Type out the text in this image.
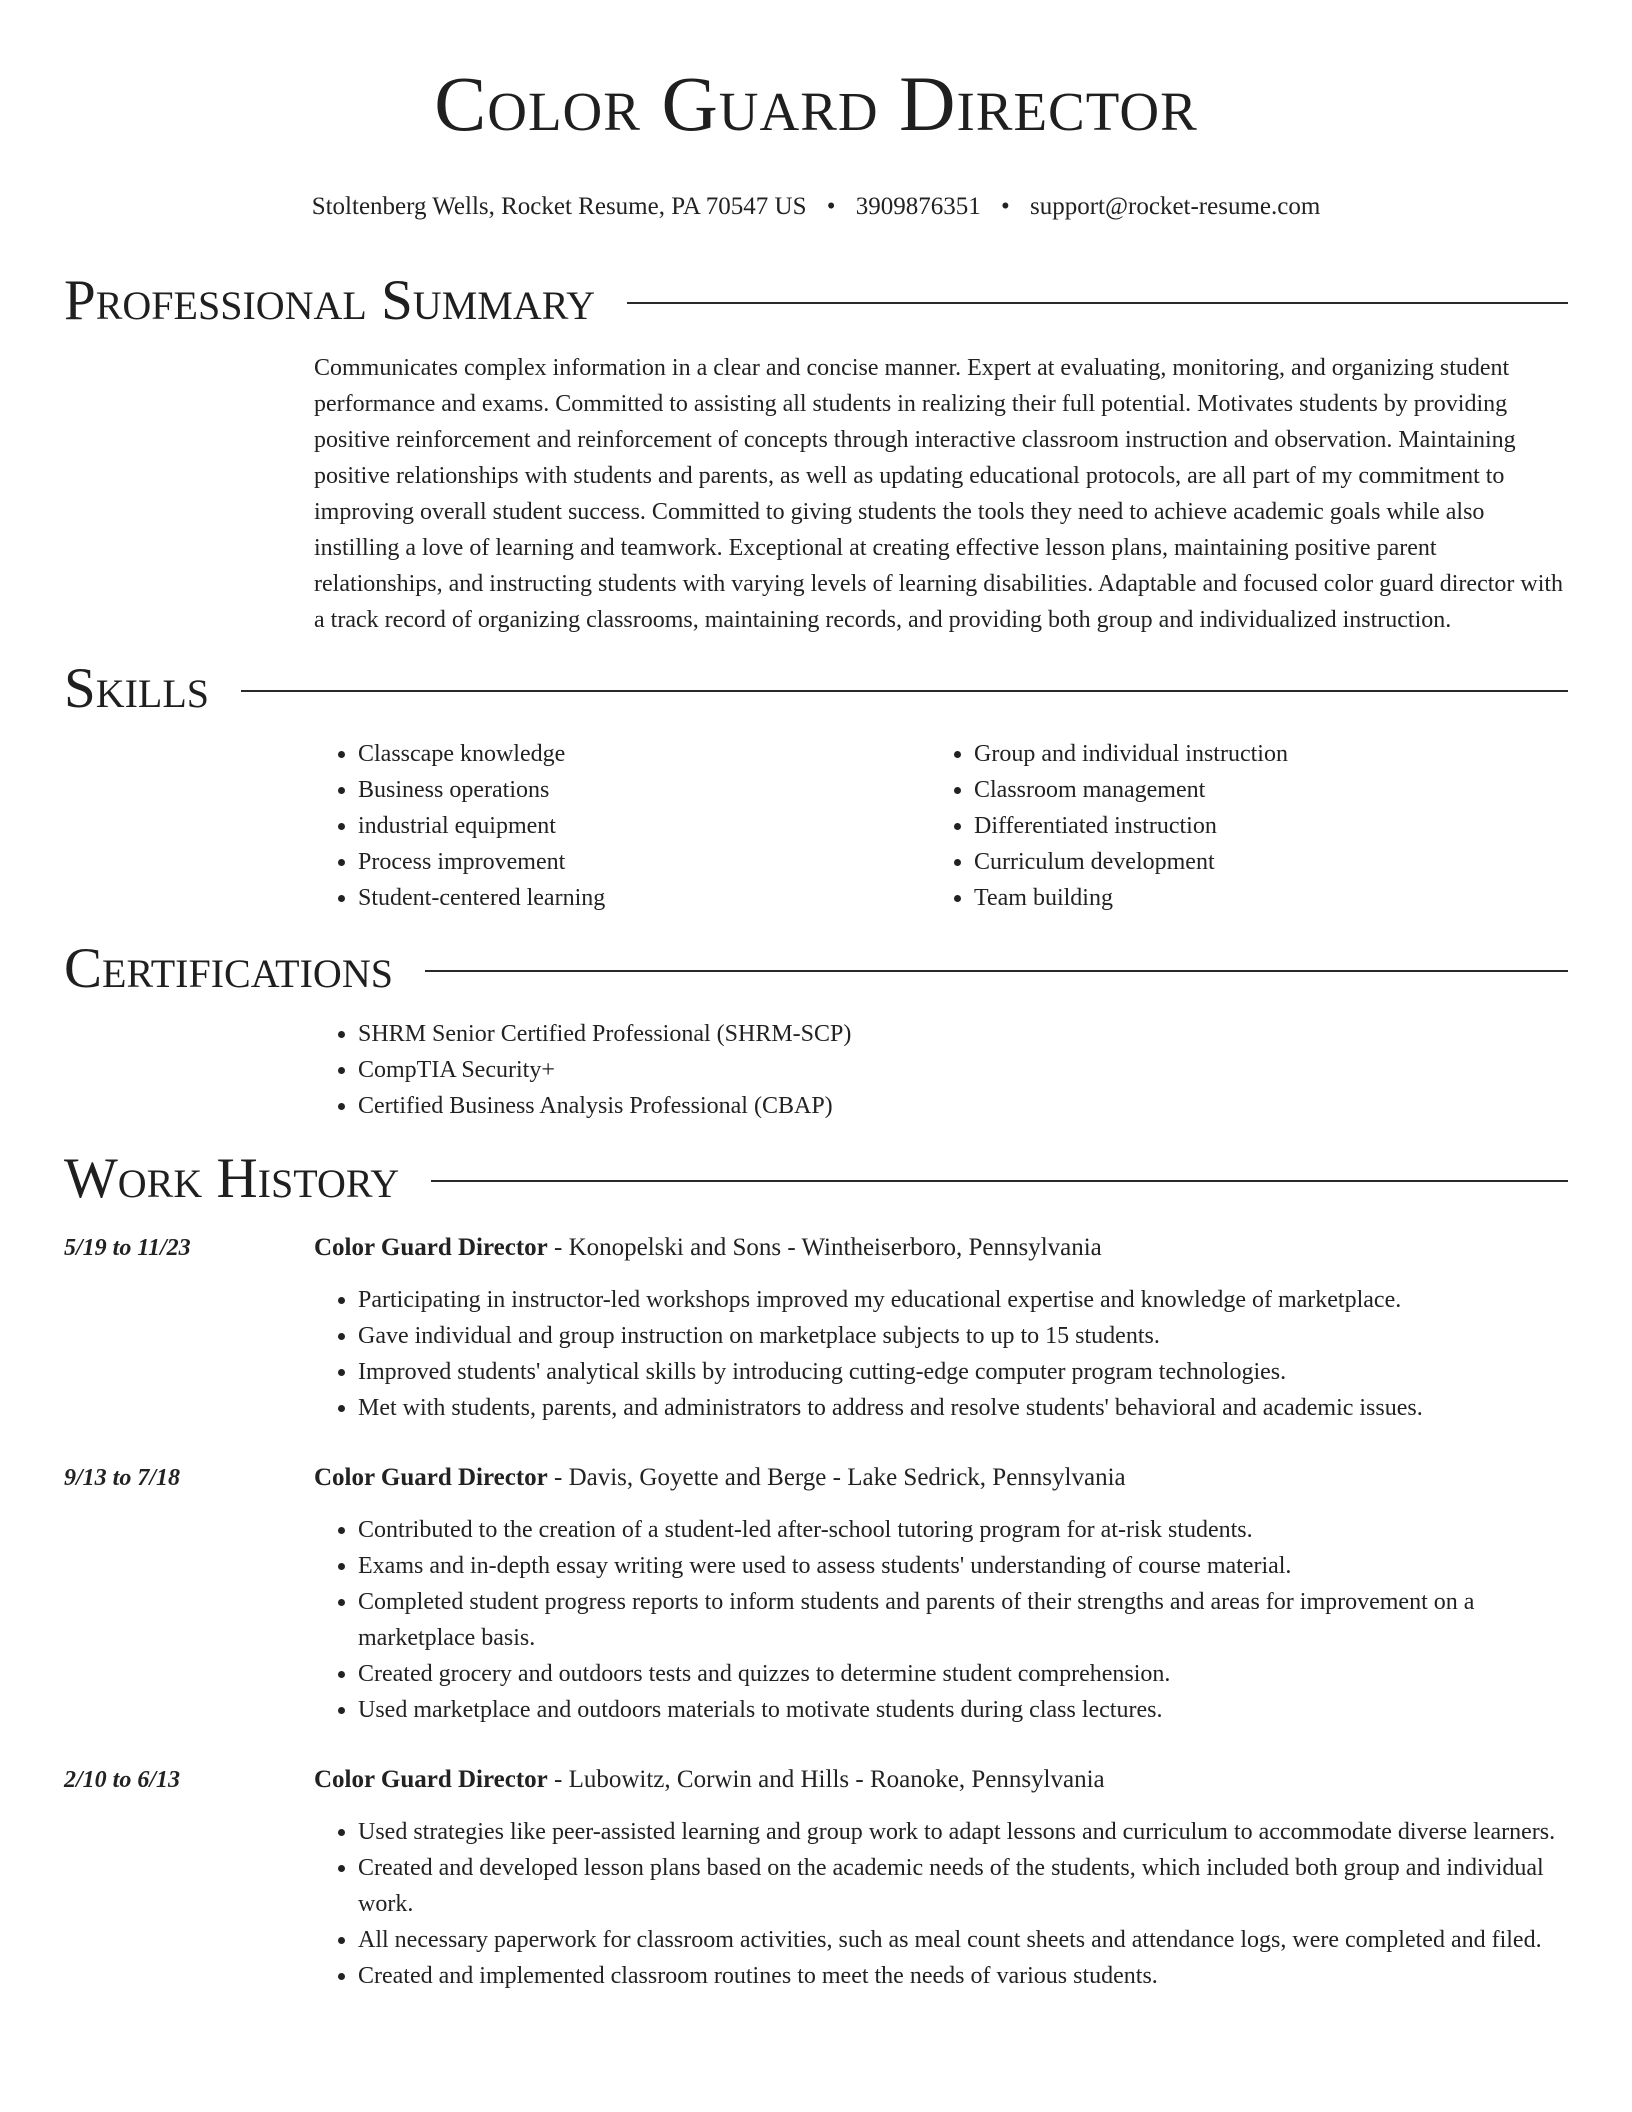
Color Guard Director
Stoltenberg Wells, Rocket Resume, PA 70547 US • 3909876351 • support@rocket-resume.com
Professional Summary

Communicates complex information in a clear and concise manner. Expert at evaluating, monitoring, and organizing student performance and exams. Committed to assisting all students in realizing their full potential. Motivates students by providing positive reinforcement and reinforcement of concepts through interactive classroom instruction and observation. Maintaining positive relationships with students and parents, as well as updating educational protocols, are all part of my commitment to improving overall student success. Committed to giving students the tools they need to achieve academic goals while also instilling a love of learning and teamwork. Exceptional at creating effective lesson plans, maintaining positive parent relationships, and instructing students with varying levels of learning disabilities. Adaptable and focused color guard director with a track record of organizing classrooms, maintaining records, and providing both group and individualized instruction.

Skills
• Classcape knowledge
• Business operations
• industrial equipment
• Process improvement
• Student-centered learning
• Group and individual instruction
• Classroom management
• Differentiated instruction
• Curriculum development
• Team building
Certifications
• SHRM Senior Certified Professional (SHRM-SCP)
• CompTIA Security+
• Certified Business Analysis Professional (CBAP)
Work History
5/19 to 11/23	Color Guard Director - Konopelski and Sons - Wintheiserboro, Pennsylvania
• Participating in instructor-led workshops improved my educational expertise and knowledge of marketplace.
• Gave individual and group instruction on marketplace subjects to up to 15 students.
• Improved students' analytical skills by introducing cutting-edge computer program technologies.
• Met with students, parents, and administrators to address and resolve students' behavioral and academic issues.
9/13 to 7/18	Color Guard Director - Davis, Goyette and Berge - Lake Sedrick, Pennsylvania
• Contributed to the creation of a student-led after-school tutoring program for at-risk students.
• Exams and in-depth essay writing were used to assess students' understanding of course material.
• Completed student progress reports to inform students and parents of their strengths and areas for improvement on a marketplace basis.
• Created grocery and outdoors tests and quizzes to determine student comprehension.
• Used marketplace and outdoors materials to motivate students during class lectures.
2/10 to 6/13	Color Guard Director - Lubowitz, Corwin and Hills - Roanoke, Pennsylvania
• Used strategies like peer-assisted learning and group work to adapt lessons and curriculum to accommodate diverse learners.
• Created and developed lesson plans based on the academic needs of the students, which included both group and individual work.
• All necessary paperwork for classroom activities, such as meal count sheets and attendance logs, were completed and filed.
• Created and implemented classroom routines to meet the needs of various students.
